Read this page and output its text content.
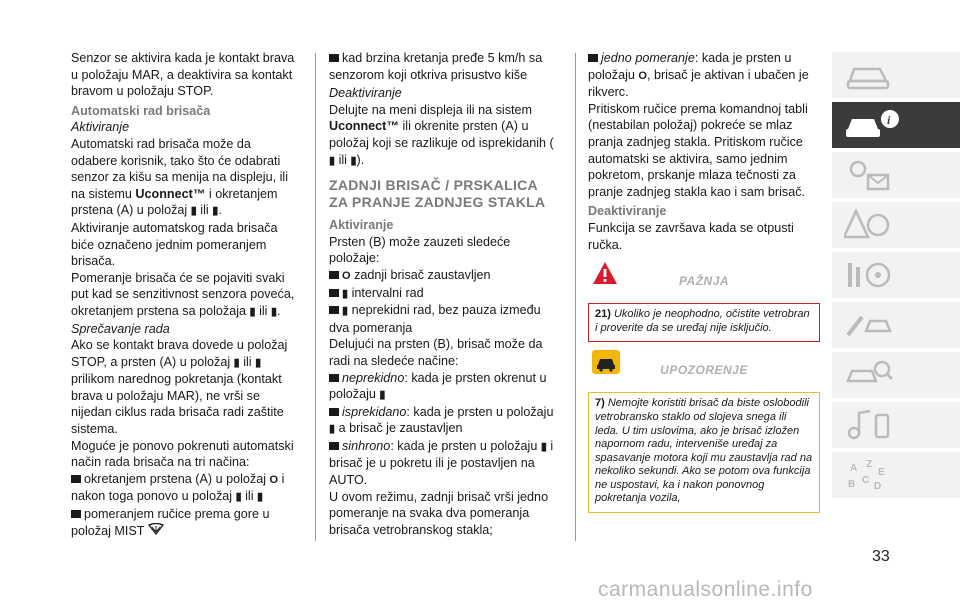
Senzor se aktivira kada je kontakt brava u položaju MAR, a deaktivira sa kontakt bravom u položaju STOP.

Automatski rad brisača

Aktiviranje

Automatski rad brisača može da odabere korisnik, tako što će odabrati senzor za kišu sa menija na displeju, ili na sistemu Uconnect™ i okretanjem prstena (A) u položaj ▮ ili ▮.

Aktiviranje automatskog rada brisača biće označeno jednim pomeranjem brisača.

Pomeranje brisača će se pojaviti svaki put kad se senzitivnost senzora poveća, okretanjem prstena sa položaja ▮ ili ▮.

Sprečavanje rada

Ako se kontakt brava dovede u položaj STOP, a prsten (A) u položaj ▮ ili ▮ prilikom narednog pokretanja (kontakt brava u položaju MAR), ne vrši se nijedan ciklus rada brisača radi zaštite sistema.

Moguće je ponovo pokrenuti automatski način rada brisača na tri načina:

okretanjem prstena (A) u položaj O i nakon toga ponovo u položaj ▮ ili ▮

pomeranjem ručice prema gore u položaj MIST

kad brzina kretanja pređe 5 km/h sa senzorom koji otkriva prisustvo kiše

Deaktiviranje

Delujte na meni displeja ili na sistem Uconnect™ ili okrenite prsten (A) u položaj koji se razlikuje od isprekidanih (▮ ili ▮).

ZADNJI BRISAČ / PRSKALICA ZA PRANJE ZADNJEG STAKLA

Aktiviranje

Prsten (B) može zauzeti sledeće položaje:

O zadnji brisač zaustavljen

▮ intervalni rad

▮ neprekidni rad, bez pauza između dva pomeranja

Delujući na prsten (B), brisač može da radi na sledeće načine:

neprekidno: kada je prsten okrenut u položaju ▮

isprekidano: kada je prsten u položaju ▮ a brisač je zaustavljen

sinhrono: kada je prsten u položaju ▮ i brisač je u pokretu ili je postavljen na AUTO.

U ovom režimu, zadnji brisač vrši jedno pomeranje na svaka dva pomeranja brisača vetrobranskog stakla;

jedno pomeranje: kada je prsten u položaju O, brisač je aktivan i ubačen je rikverc.

Pritiskom ručice prema komandnoj tabli (nestabilan položaj) pokreće se mlaz pranja zadnjeg stakla. Pritiskom ručice automatski se aktivira, samo jednim pokretom, prskanje mlaza tečnosti za pranje zadnjeg stakla kao i sam brisač.

Deaktiviranje

Funkcija se završava kada se otpusti ručka.

PAŽNJA
21) Ukoliko je neophodno, očistite vetrobran i proverite da se uređaj nije isključio.
UPOZORENJE
7) Nemojte koristiti brisač da biste oslobodili vetrobransko staklo od slojeva snega ili leda. U tim uslovima, ako je brisač izložen napornom radu, interveniše uređaj za spasavanje motora koji mu zaustavlja rad na nekoliko sekundi. Ako se potom ova funkcija ne uspostavi, ka i nakon ponovnog pokretanja vozila,
i
A Z
E
B C
D
33
carmanualsonline.info
